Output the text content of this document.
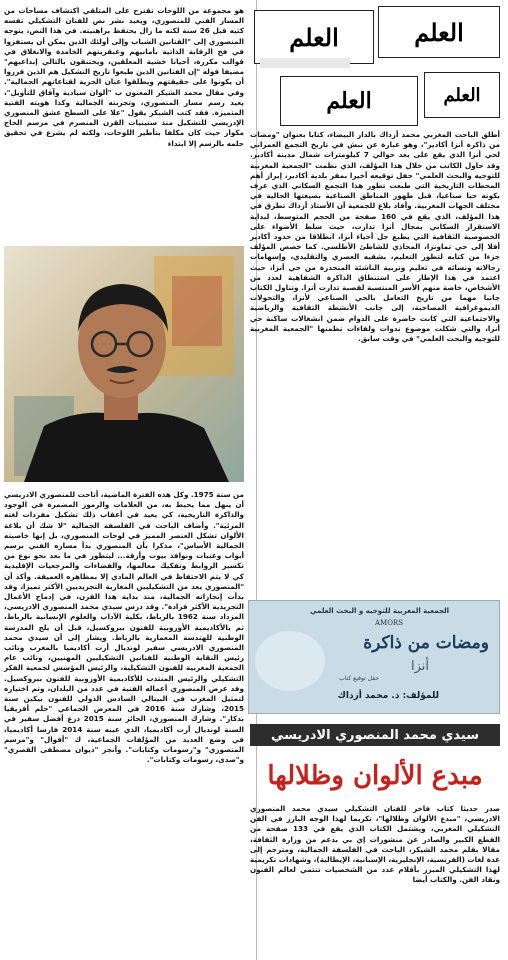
العلم
العلم
العلم
العلم

أطلق الباحث المغربي محمد أزداك بالدار البيضاء، كتابا بعنوان "ومضات من ذاكرة أنزا أكادير"، وهو عبارة عن نبش في تاريخ التجمع العمراني لحي أنزا الذي يقع على بعد حوالي 7 كيلومترات شمال مدينة أكادير. وقد حاول الكاتب من خلال هذا المؤلف، الذي نظمت "الجمعية المغربية للتوجيه والبحث العلمي" حفل توقيعه أخيرا بمقر بلدية أكادير، إبراز أهم المحطات التاريخية التي طبعت تطور هذا التجمع السكاني الذي عرف بكونه حيا صناعيا، قبل ظهور المناطق الصناعية بصيغتها الحالية في مختلف الجهات المغربية. وأفاد بلاغ للجمعية أن الأستاذ أزداك تطرق في هذا المؤلف، الذي يقع في 160 صفحة من الحجم المتوسط، لبداية الاستقرار السكاني بمجال أنزا تدارت، حيث سلط الأضواء على الخصوصية الثقافية التي يطبع جل أحياء أنزا، انطلاقا من حدود أكادير أفلا إلى حي تماونزا، المحاذي للشاطئ الأطلسي. كما خصص المؤلف جزءا من كتابه لتطور التعليم، بشقيه العصري والتقليدي، وإسهامات رجالاته ونسائه في تعليم وتربية الناشئة المنحدرة من حي أنزا، حيث اعتمد في هذا الإطار على استنطاق الذاكرة الشفاهية لعدد من الأشخاص، خاصة منهم الأسر المنتسبة لقصبة تدارت أنزا. وتناول الكتاب جانبا مهما من تاريخ التعامل بالحي الصناعي لأنزا، والتحولات الديموغرافية المصاحبة، إلى جانب الأنشطة الثقافية والرياضية والاجتماعية التي كانت حاضرة على الدوام ضمن انشغالات ساكنة حي أنزا، والتي شكلت موضوع ندوات ولقاءات نظمتها "الجمعية المغربية للتوجيه والبحث العلمي" في وقت سابق.

الجمعية المغربية للتوجيه و البحث العلمي
AMORS
ومضات من ذاكرة
أنزا
حفل توقيع كتاب
للمؤلف: ذ. محمد أزداك
سيدي محمد المنصوري الادريسي
مبدع الألوان وظلالها

صدر حديثا كتاب فاخر للفنان التشكيلي سيدي محمد المنصوري الادريسي، "مبدع الألوان وظلالها"، تكريما لهذا الوجه البارز في الفن التشكيلي المغربي، ويشتمل الكتاب الذي يقع في 133 صفحة من القطع الكبير والصادر عن منشورات إي بي بدعم من وزارة الثقافة، مقالا بقلم محمد الشيكر، الباحث في الفلسفة الجمالية، ومترجم إلى عدة لغات (الفرنسية، الإنجليزية، الإسبانية، الإيطالية)، وشهادات تكريمية لهذا التشكيلي المبرز بأقلام عدد من الشخصيات تنتمي لعالم الفنون ونقاد الفن. والكتاب أيضا

هو مجموعة من اللوحات تقترح على المتلقي اكتشاف مساحات من المسار الفني للمنصوري، ويعيد نشر نص للفنان التشكيلي نفسه كتبه قبل 26 سنة لكنه ما زال يحتفظ براهنيته. في هذا النص، يتوجه المنصوري إلى "الفنانين الشباب وإلى أولئك الذين يمكن أن يستفزوا في فخ الرقابة الذاتية بأمانيهم وعبقريتهم الخامدة والانغلاق في قوالب مكررة، أحيانا خشية المعلقين، ويختنقون بالتالي إبداعيهم" مضيفا قوله "إن الفنانين الذين طبعوا تاريخ التشكيل هم الذين قرروا أن يكونوا على حقيقتهم ويطلقوا عنان الحرية لقناعاتهم الجمالية". وفي مقال محمد الشيكر المعنون ب "ألوان سيادية وآفاق للتأويل"، يعيد رسم مسار المنصوري، وتجربته الجمالية وكذا هويته الفنية المتميزة. فقد كتب الشيكر يقول "علا على السطح عشق المنصوري الإدريسي للتشكيل منذ ستينيات القرن المنصرم في مرسم الحاج مكوار حيث كان مكلفا بتأطير اللوحات، ولكنه لم يشرع في تحقيق حلمه بالرسم إلا ابتداء

من سنة 1975. وكل هذه الفترة الماضية، أتاحت للمنصوري الادريسي أن ينهل مما يحيط به، من العلامات والرموز المضمرة في الوجود والذاكرة التاريخية، كي يعيد في أعقاب ذلك تشكيل مفردات لغته المرئية". وأضاف الباحث في الفلسفة الجمالية "لا شك أن بلاغة الألوان تشكل العنصر المميز في لوحات المنصوري، بل إنها خاصيته الجمالية الأساس"، مذكرا بأن المنصوري بدأ مساره الفني برسم أبواب وعتبات ونوافذ بيوت وأزقة... ليتطور في ما بعد نحو نوع من تكسير الروابط وتفكيك معالمها، والفضاءات والمرجعيات الإقليدية كي لا يتم الاحتفاظ في العالم المادي إلا بمظاهره العميقة. وأكد أن "المنصوري يعد من التشكيليين المغاربة التجريديين الأكثر تميزا، وقد بدأت إنجازاته الجمالية، منذ بداية هذا القرن، في إدماج الأعمال التجريدية الأكثر فرادة". وقد درس سيدي محمد المنصوري الادريسي، المزداد سنة 1962 بالرباط، بكلية الآداب والعلوم الإنسانية بالرباط، ثم بالأكاديمية الأوروبية للفنون ببروكسيل، قبل أن يلج المدرسة الوطنية للهندسة المعمارية بالرباط. ويشار إلى أن سيدي محمد المنصوري الادريسي سفير لونديال أرت أكاديميا بالمغرب ونائب رئيس النقابة الوطنية للفنانين التشكيليين المهنيين، ونائب عام الجمعية المغربية للفنون التشكيلية، والرئيس المؤسس لجمعية الفكر التشكيلي والرئيس المنتدب للأكاديمية الأوروبية للفنون ببروكسيل. وقد عرض المنصوري أعماله الفنية في عدد من البلدان، وتم اختياره لتمثيل المغرب في البينالي السادس الدولي للفنون بيكين سنة 2015، وشارك سنة 2016 في المعرض الجماعي "حلم أفريقيا بدكار". وشارك المنصوري، الحائز سنة 2015 درع أفضل سفير في السنة لونديال أرت أكاديميا، الذي عينه سنة 2014 فارسا أكاديميا، في وضع العديد من المؤلفات الجماعية، ك "أقوال" و"مرسم المنصوري" و"رسومات وكتابات". وأنجز "ديوان مصطفى القصري" و"صدى، رسومات وكتابات".
